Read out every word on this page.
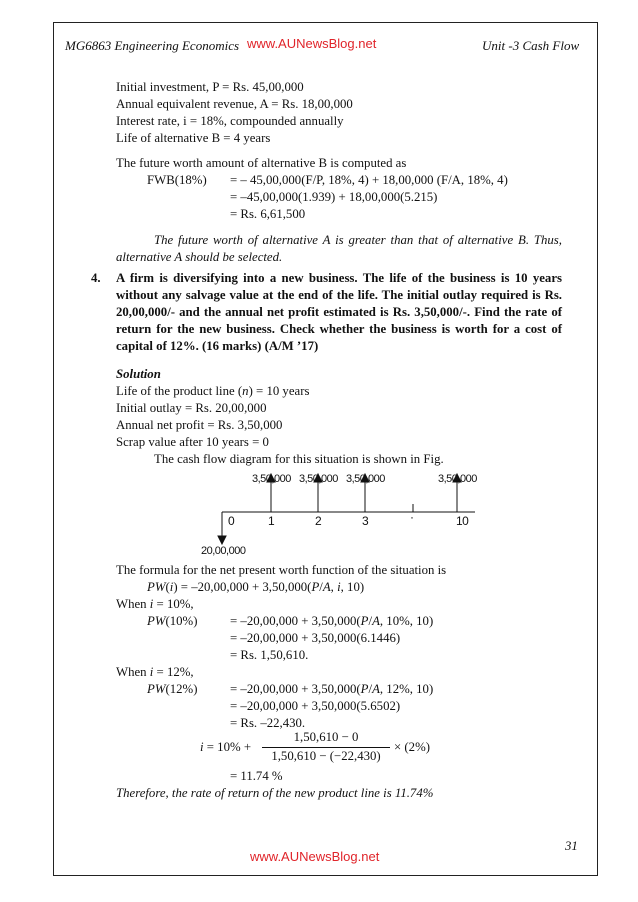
MG6863 Engineering Economics www.AUNewsBlog.net	Unit -3 Cash Flow
Initial investment, P = Rs. 45,00,000
Annual equivalent revenue, A = Rs. 18,00,000
Interest rate, i = 18%, compounded annually
Life of alternative B = 4 years
The future worth amount of alternative B is computed as
FWB(18%) = – 45,00,000(F/P, 18%, 4) + 18,00,000 (F/A, 18%, 4)
= –45,00,000(1.939) + 18,00,000(5.215)
= Rs. 6,61,500
The future worth of alternative A is greater than that of alternative B. Thus, alternative A should be selected.
4. A firm is diversifying into a new business. The life of the business is 10 years without any salvage value at the end of the life. The initial outlay required is Rs. 20,00,000/- and the annual net profit estimated is Rs. 3,50,000/-. Find the rate of return for the new business. Check whether the business is worth for a cost of capital of 12%. (16 marks) (A/M ’17)
Solution
Life of the product line (n) = 10 years
Initial outlay = Rs. 20,00,000
Annual net profit = Rs. 3,50,000
Scrap value after 10 years = 0
The cash flow diagram for this situation is shown in Fig.
3,50,000 3,50,000 3,50,000	3,50,000
0	1	2	3	·	10
20,00,000
The formula for the net present worth function of the situation is
PW(i) = –20,00,000 + 3,50,000(P/A, i, 10)
When i = 10%,
PW(10%)	= –20,00,000 + 3,50,000(P/A, 10%, 10)
= –20,00,000 + 3,50,000(6.1446)
= Rs. 1,50,610.
When i = 12%,
PW(12%)	= –20,00,000 + 3,50,000(P/A, 12%, 10)
= –20,00,000 + 3,50,000(5.6502)
= Rs. –22,430.
i = 10% +
1,50,610 − 0
1,50,610 − (−22,430)
× (2%)
= 11.74 %
Therefore, the rate of return of the new product line is 11.74%
31
www.AUNewsBlog.net
